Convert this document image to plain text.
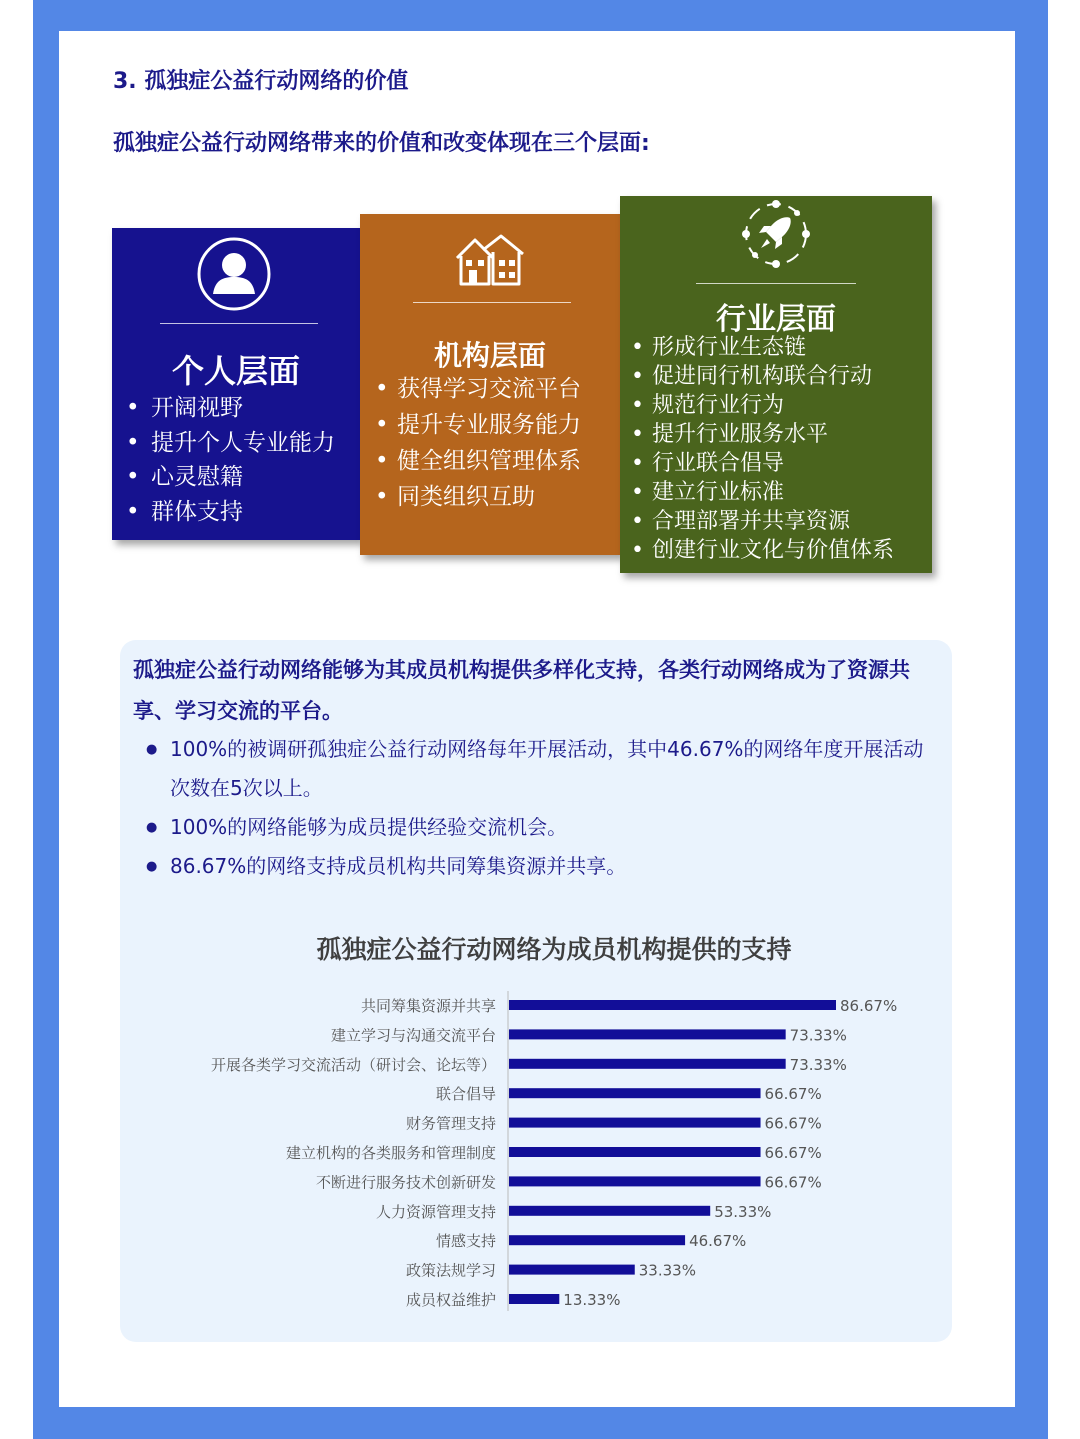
3. 孤独症公益行动网络的价值

孤独症公益行动网络带来的价值和改变体现在三个层面:

个人层面
• 开阔视野
• 提升个人专业能力
• 心灵慰籍
• 群体支持
机构层面
• 获得学习交流平台
• 提升专业服务能力
• 健全组织管理体系
• 同类组织互助
行业层面
• 形成行业生态链
• 促进同行机构联合行动
• 规范行业行为
• 提升行业服务水平
• 行业联合倡导
• 建立行业标准
• 合理部署并共享资源
• 创建行业文化与价值体系

孤独症公益行动网络能够为其成员机构提供多样化支持，各类行动网络成为了资源共享、学习交流的平台。

● 100%的被调研孤独症公益行动网络每年开展活动，其中46.67%的网络年度开展活动次数在5次以上。
● 100%的网络能够为成员提供经验交流机会。
● 86.67%的网络支持成员机构共同筹集资源并共享。
孤独症公益行动网络为成员机构提供的支持
共同筹集资源并共享	86.67%
建立学习与沟通交流平台	73.33%
开展各类学习交流活动（研讨会、论坛等）	73.33%
联合倡导	66.67%
财务管理支持	66.67%
建立机构的各类服务和管理制度	66.67%
不断进行服务技术创新研发	66.67%
人力资源管理支持	53.33%
情感支持	46.67%
政策法规学习	33.33%
成员权益维护	13.33%
